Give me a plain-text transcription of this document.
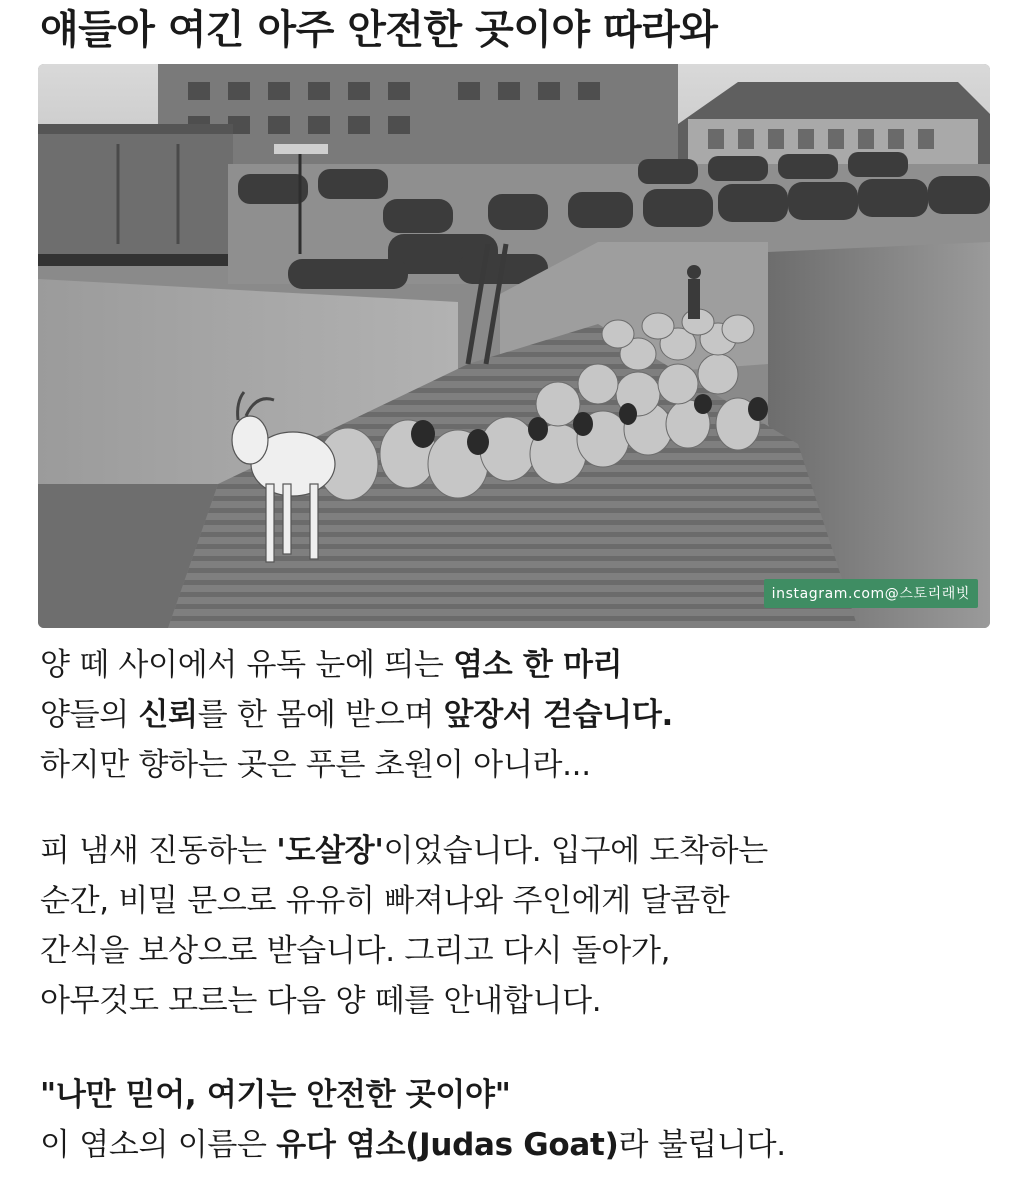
얘들아 여긴 아주 안전한 곳이야 따라와
instagram.com@스토리래빗

양 떼 사이에서 유독 눈에 띄는 염소 한 마리

양들의 신뢰를 한 몸에 받으며 앞장서 걷습니다.

하지만 향하는 곳은 푸른 초원이 아니라...

피 냄새 진동하는 '도살장'이었습니다. 입구에 도착하는

순간, 비밀 문으로 유유히 빠져나와 주인에게 달콤한

간식을 보상으로 받습니다. 그리고 다시 돌아가,

아무것도 모르는 다음 양 떼를 안내합니다.

"나만 믿어, 여기는 안전한 곳이야"

이 염소의 이름은 유다 염소(Judas Goat)라 불립니다.
